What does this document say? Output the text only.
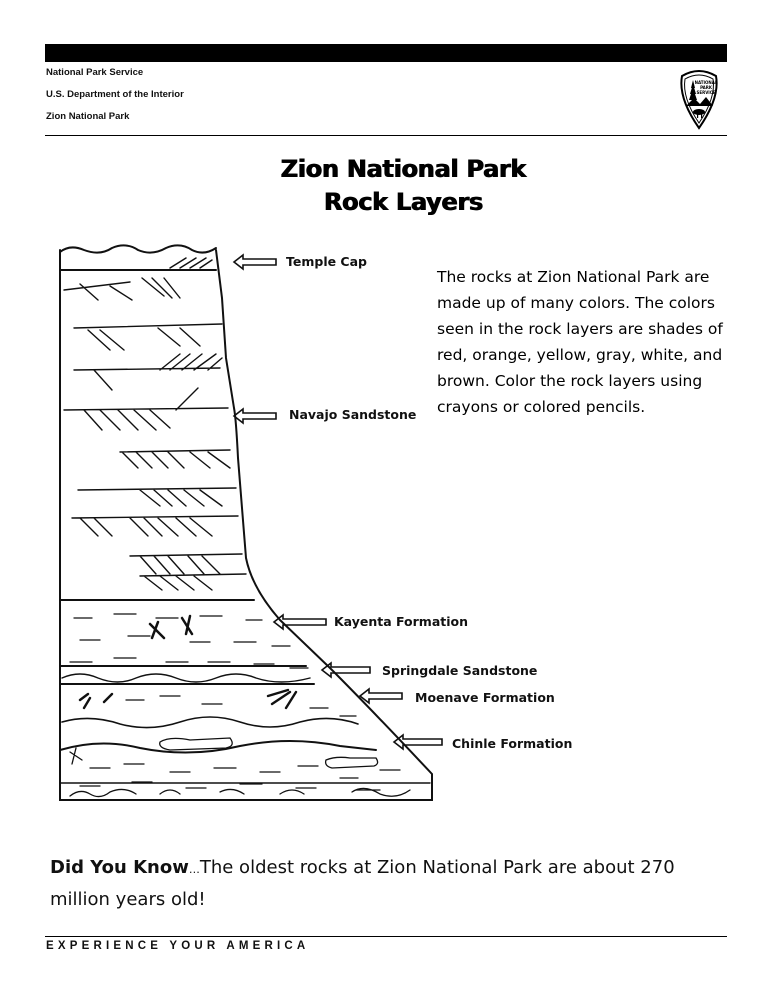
National Park Service
U.S. Department of the Interior
Zion National Park
NATIONAL
PARK
SERVICE
Zion National Park
Rock Layers
The rocks at Zion National Park are made up of many colors. The colors seen in the rock layers are shades of red, orange, yellow, gray, white, and brown. Color the rock layers using crayons or colored pencils.
Temple Cap
Navajo Sandstone
Kayenta Formation
Springdale Sandstone
Moenave Formation
Chinle Formation
Did You Know…The oldest rocks at Zion National Park are about 270 million years old!
EXPERIENCE YOUR AMERICA
